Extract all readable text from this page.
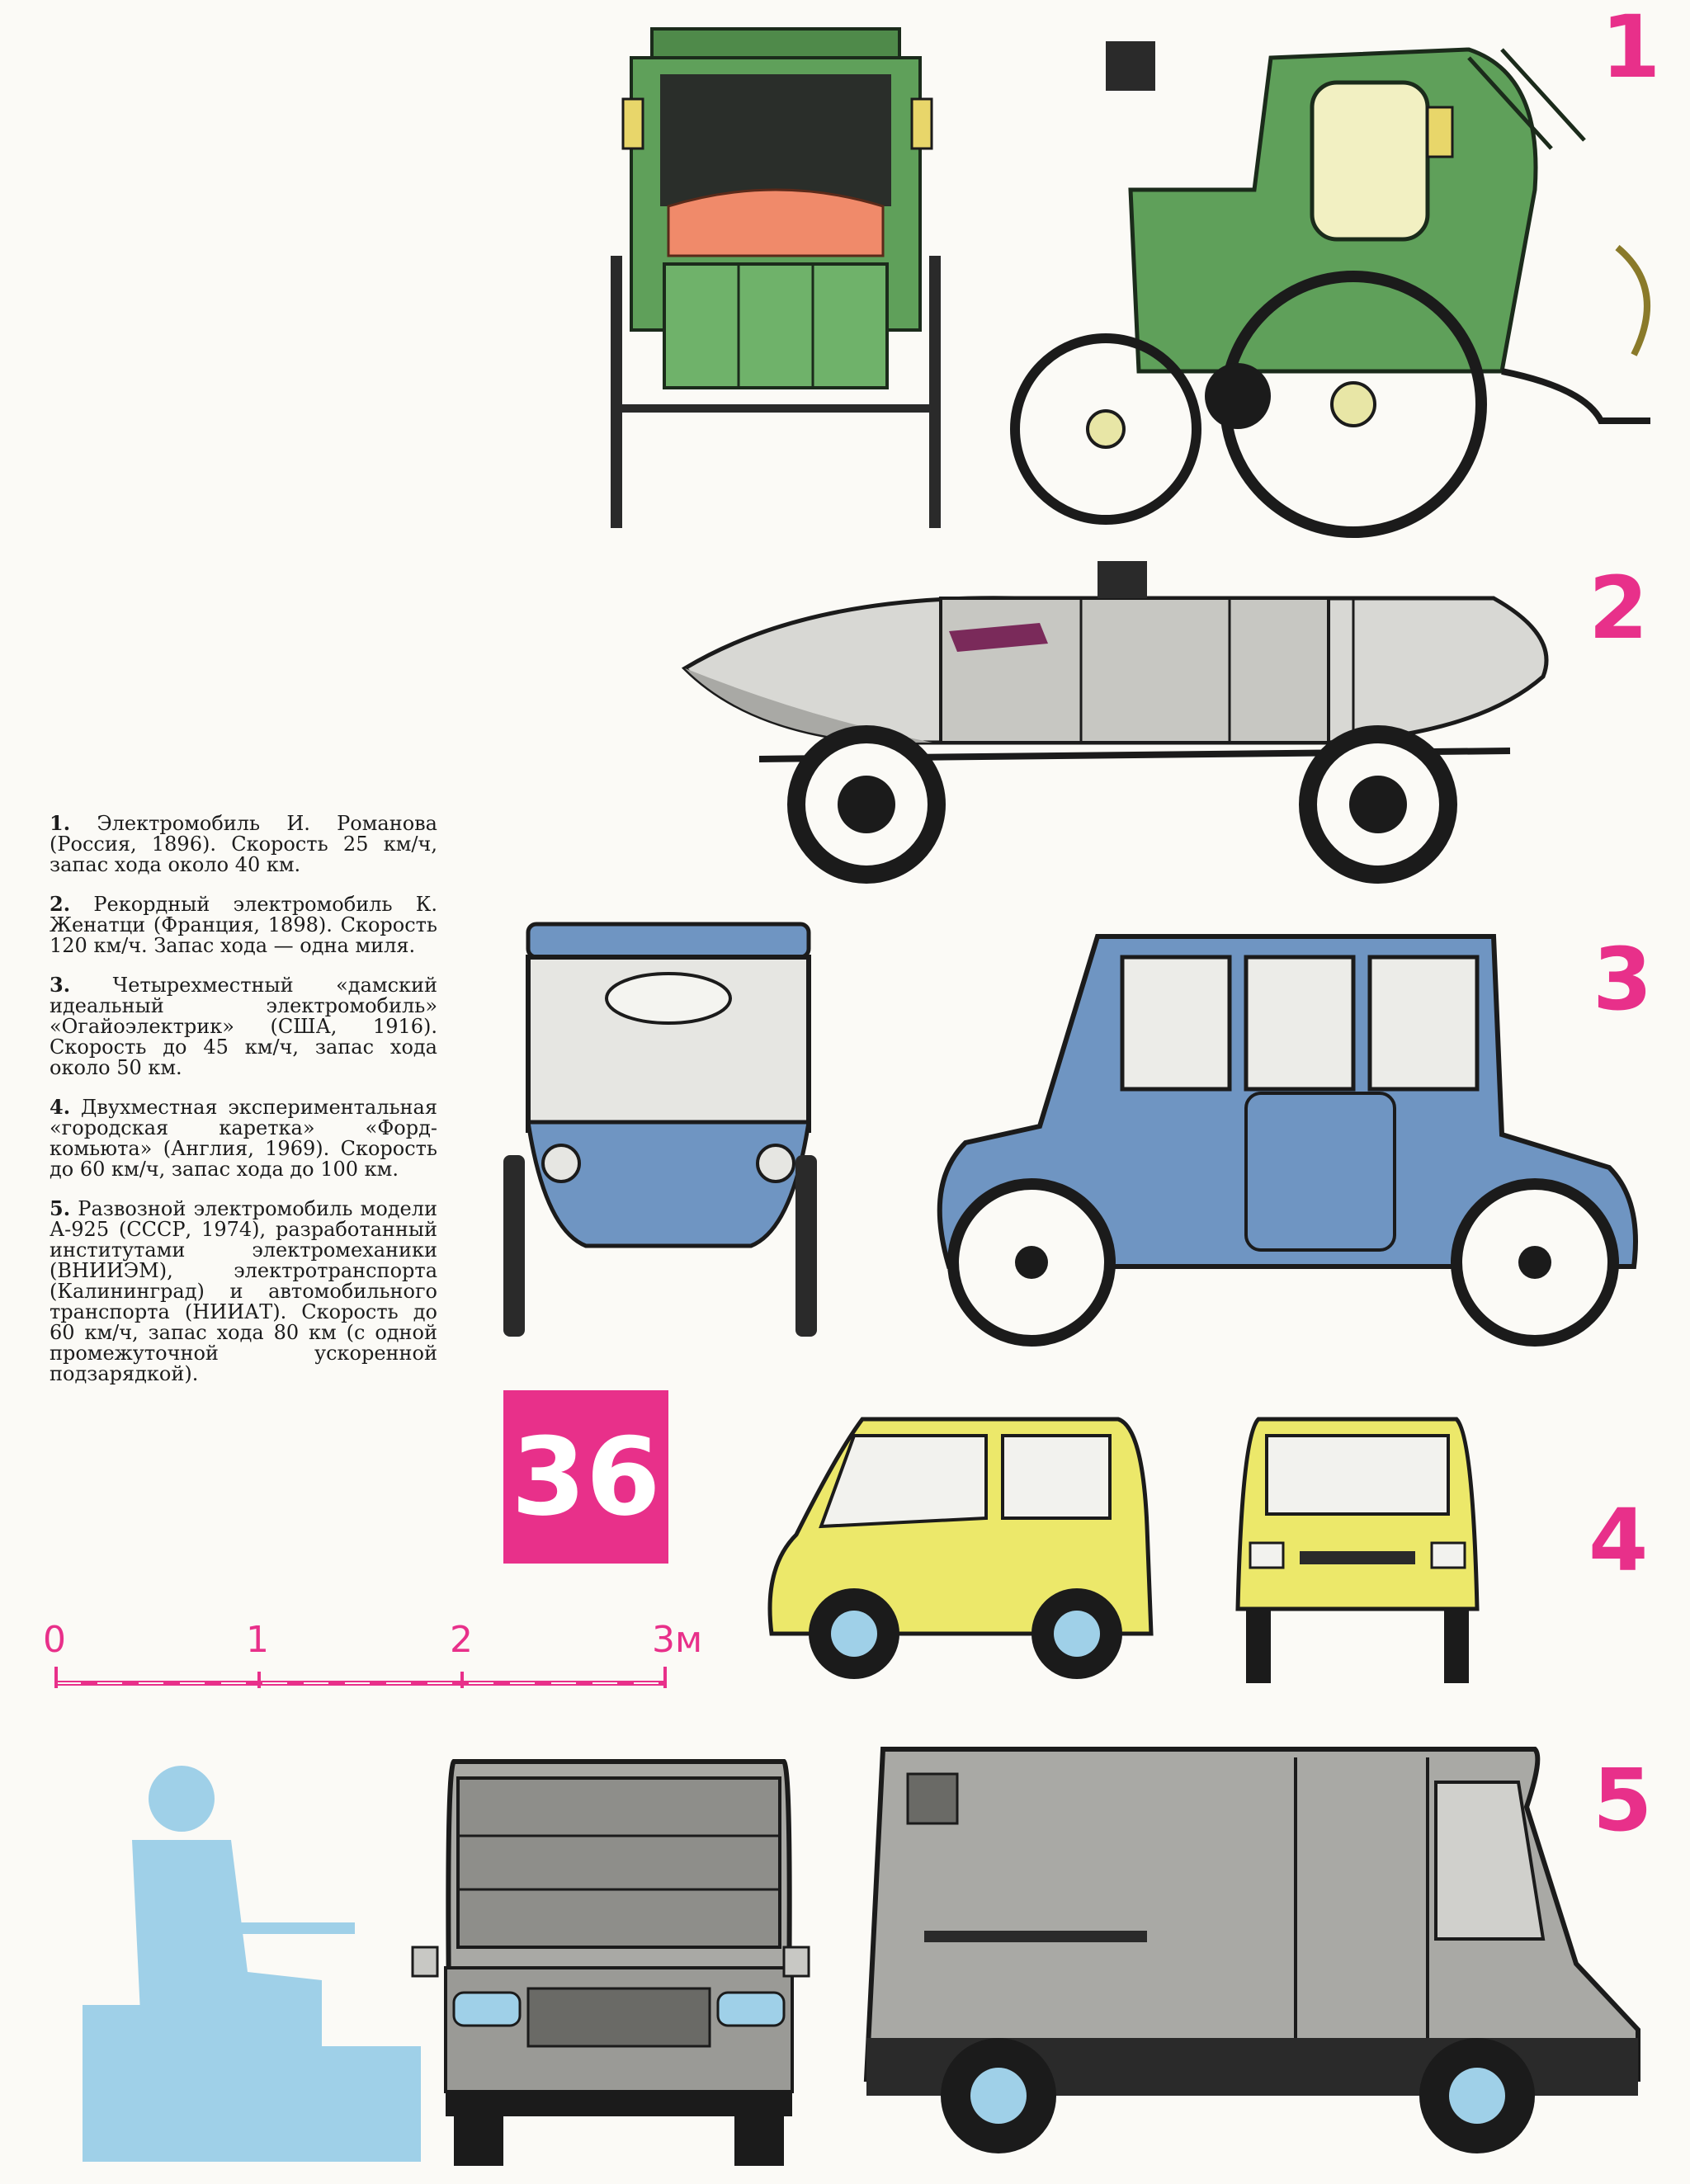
1
2
3
4
5

1. Электромобиль И. Романова (Россия, 1896). Скорость 25 км/ч, запас хода около 40 км.

2. Рекордный электромобиль К. Женатци (Франция, 1898). Скорость 120 км/ч. Запас хода — одна миля.

3. Четырехместный «дамский идеальный электромобиль» «Огайоэлектрик» (США, 1916). Скорость до 45 км/ч, запас хода около 50 км.

4. Двухместная экспериментальная «городская каретка» «Форд-комьюта» (Англия, 1969). Скорость до 60 км/ч, запас хода до 100 км.

5. Развозной электромобиль модели А-925 (СССР, 1974), разработанный институтами электромеханики (ВНИИЭМ), электротранспорта (Калининград) и автомобильного транспорта (НИИАТ). Скорость до 60 км/ч, запас хода 80 км (с одной промежуточной ускоренной подзарядкой).

36
0	1	2	3м
